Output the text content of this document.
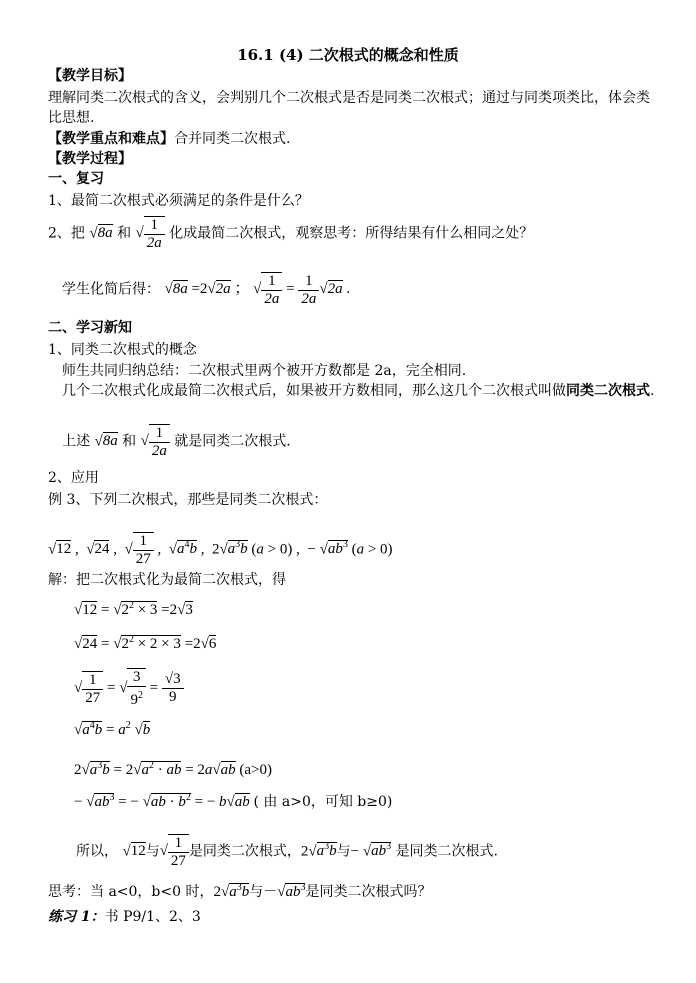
16.1 (4) 二次根式的概念和性质
【教学目标】
理解同类二次根式的含义，会判别几个二次根式是否是同类二次根式；通过与同类项类比，体会类
比思想.
【教学重点和难点】合并同类二次根式.
【教学过程】
一、复习
1、最简二次根式必须满足的条件是什么？
2、把 √8a 和 √ $\frac{1}{2a}$ 化成最简二次根式，观察思考：所得结果有什么相同之处？
学生化简后得： √8a =2√2a ； √ $\frac{1}{2a} = \frac{1}{2a} √2a$ .
二、学习新知
1、同类二次根式的概念
师生共同归纳总结：二次根式里两个被开方数都是 2a，完全相同.
几个二次根式化成最简二次根式后，如果被开方数相同，那么这几个二次根式叫做同类二次根式.
上述 √8a 和 √ $\frac{1}{2a}$ 就是同类二次根式.
2、应用
例 3、下列二次根式，那些是同类二次根式：
√12 ,  √24 ,  √ $\frac{1}{27}$ ,  $√a^4b$ ,  $2√a^3b$ (a > 0) ,  − $√ab^3$ (a > 0)
解：把二次根式化为最简二次根式，得
$√12 = √2^2 \times 3 =2√3$
$√24 = √2^2 \times 2 \times 3 =2√6$
√ $\frac{1}{27}$ = √ $\frac{3}{9^2} = \frac{√3}{9}$
$√a^4b = a^2$ √b
$2√a^3b = 2√a^2$ · ab = 2a√ab (a>0)
− $√ab^3$ = − $√ab \cdot b^2$ = − b√ab ( 由 a>0，可知 b≥0)
所以， √12与√ $\frac{1}{27}$ 是同类二次根式，$2√a^3b$与− $√ab^3$ 是同类二次根式.
思考：当 a<0，b<0 时，$2√a^3b$与$-√ab^3$是同类二次根式吗？
练习 1：书 P9/1、2、3
